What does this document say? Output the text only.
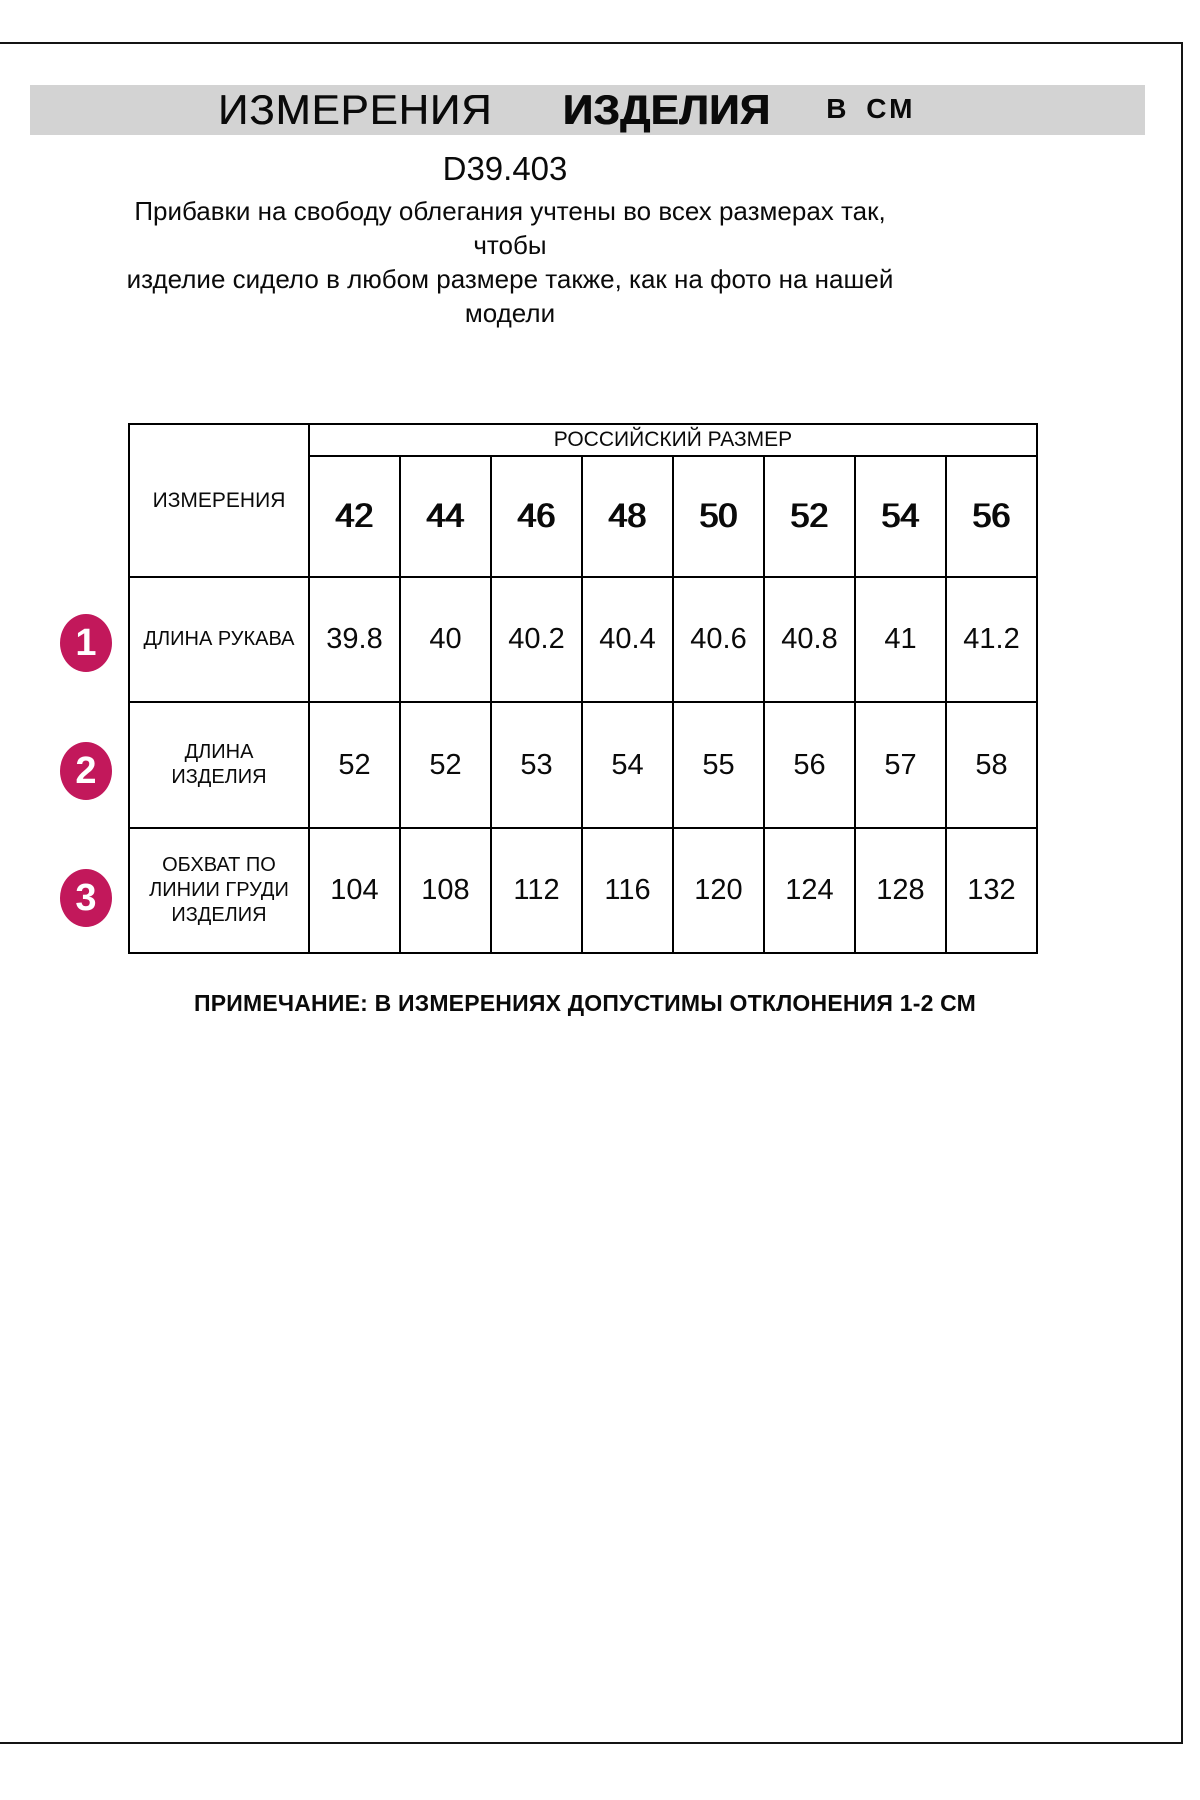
ИЗМЕРЕНИЯ ИЗДЕЛИЯ В СМ
D39.403
Прибавки на свободу облегания учтены во всех размерах так, чтобы
изделие сидело в любом размере также, как на фото на нашей
модели
ИЗМЕРЕНИЯ	РОССИЙСКИЙ РАЗМЕР							
	42	44	46	48	50	52	54	56

ДЛИНА РУКАВА	39.8	40	40.2	40.4	40.6	40.8	41	41.2

ДЛИНА
ИЗДЕЛИЯ	52	52	53	54	55	56	57	58

ОБХВАТ ПО
ЛИНИИ ГРУДИ
ИЗДЕЛИЯ	104	108	112	116	120	124	128	132
1
2
3
ПРИМЕЧАНИЕ: В ИЗМЕРЕНИЯХ ДОПУСТИМЫ ОТКЛОНЕНИЯ 1-2 СМ
